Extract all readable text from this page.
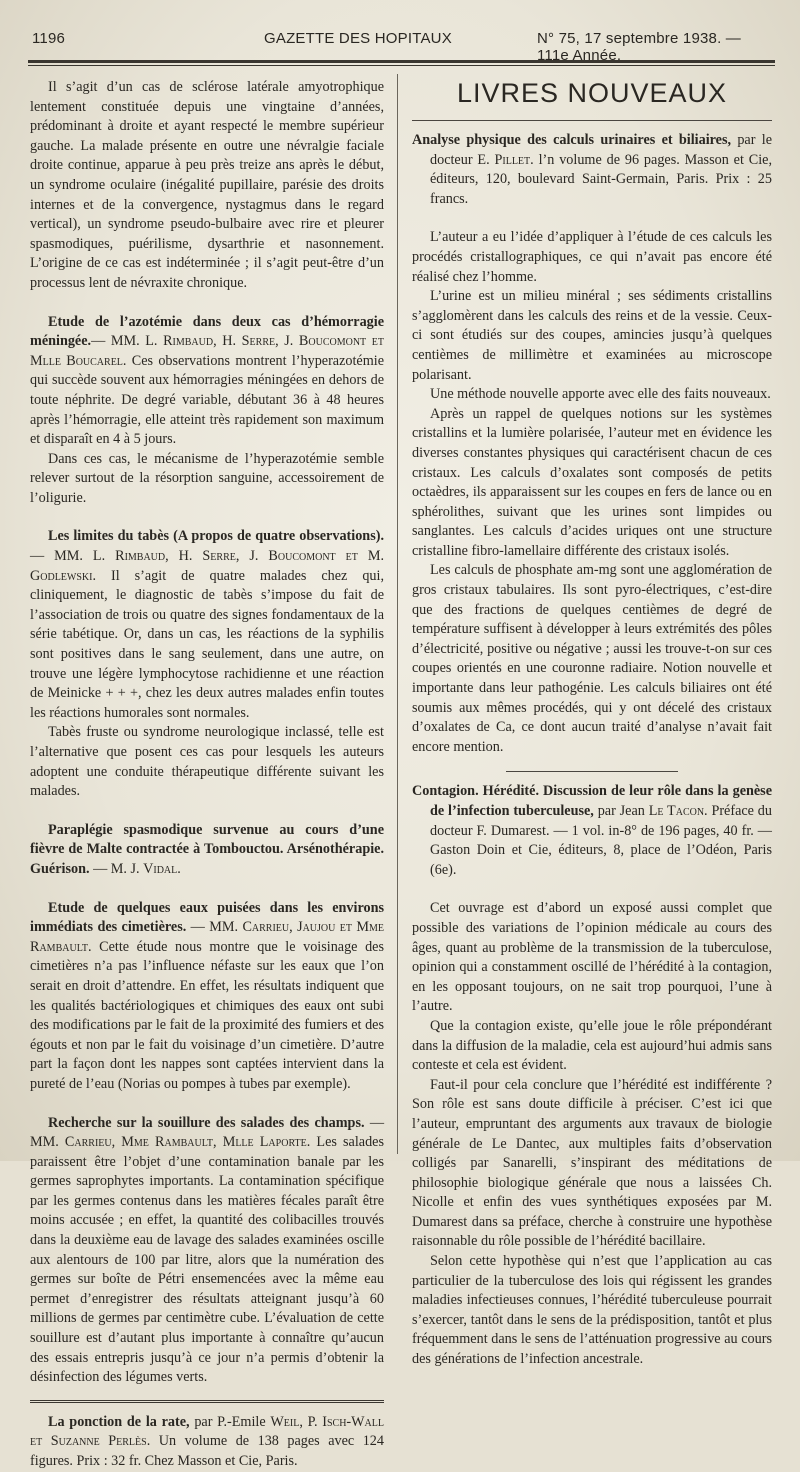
1196	GAZETTE DES HOPITAUX	N° 75, 17 septembre 1938. — 111e Année.

Il s’agit d’un cas de sclérose latérale amyotrophique lentement constituée depuis une vingtaine d’années, prédominant à droite et ayant respecté le membre supérieur gauche. La malade présente en outre une névralgie faciale droite continue, apparue à peu près treize ans après le début, un syndrome oculaire (inégalité pupillaire, parésie des droits internes et de la convergence, nystagmus dans le regard vertical), un syndrome pseudo-bulbaire avec rire et pleurer spasmodiques, puérilisme, dysarthrie et nasonnement. L’origine de ce cas est indéterminée ; il s’agit peut-être d’un processus lent de névraxite chronique.

Etude de l’azotémie dans deux cas d’hémorragie méningée.— MM. L. Rimbaud, H. Serre, J. Boucomont et Mlle Boucarel. Ces observations montrent l’hyperazotémie qui succède souvent aux hémorragies méningées en dehors de toute néphrite. De degré variable, débutant 36 à 48 heures après l’hémorragie, elle atteint très rapidement son maximum et disparaît en 4 à 5 jours.

Dans ces cas, le mécanisme de l’hyperazotémie semble relever surtout de la résorption sanguine, accessoirement de l’oligurie.

Les limites du tabès (A propos de quatre observations). — MM. L. Rimbaud, H. Serre, J. Boucomont et M. Godlewski. Il s’agit de quatre malades chez qui, cliniquement, le diagnostic de tabès s’impose du fait de l’association de trois ou quatre des signes fondamentaux de la série tabétique. Or, dans un cas, les réactions de la syphilis sont positives dans le sang seulement, dans une autre, on trouve une légère lymphocytose rachidienne et une réaction de Meinicke + + +, chez les deux autres malades enfin toutes les réactions humorales sont normales.

Tabès fruste ou syndrome neurologique inclassé, telle est l’alternative que posent ces cas pour lesquels les auteurs adoptent une conduite thérapeutique différente suivant les malades.

Paraplégie spasmodique survenue au cours d’une fièvre de Malte contractée à Tombouctou. Arsénothérapie. Guérison. — M. J. Vidal.

Etude de quelques eaux puisées dans les environs immédiats des cimetières. — MM. Carrieu, Jaujou et Mme Rambault. Cette étude nous montre que le voisinage des cimetières n’a pas l’influence néfaste sur les eaux que l’on serait en droit d’attendre. En effet, les résultats indiquent que les qualités bactériologiques et chimiques des eaux ont subi des modifications par le fait de la proximité des fumiers et des égouts et non par le fait du voisinage d’un cimetière. D’autre part la façon dont les nappes sont captées intervient dans la pureté de l’eau (Norias ou pompes à tubes par exemple).

Recherche sur la souillure des salades des champs. — MM. Carrieu, Mme Rambault, Mlle Laporte. Les salades paraissent être l’objet d’une contamination banale par les germes saprophytes importants. La contamination spécifique par les germes contenus dans les matières fécales paraît être moins accusée ; en effet, la quantité des colibacilles trouvés dans la deuxième eau de lavage des salades examinées oscille aux alentours de 100 par litre, alors que la numération des germes sur boîte de Pétri ensemencées avec la même eau permet d’enregistrer des résultats atteignant jusqu’à 60 millions de germes par centimètre cube. L’évaluation de cette souillure est d’autant plus importante à connaître qu’aucun des essais entrepris jusqu’à ce jour n’a permis d’obtenir la désinfection des légumes verts.

La ponction de la rate, par P.-Emile Weil, P. Isch-Wall et Suzanne Perlès. Un volume de 138 pages avec 124 figures. Prix : 32 fr. Chez Masson et Cie, Paris.

LIVRES NOUVEAUX

Analyse physique des calculs urinaires et biliaires, par le docteur E. Pillet. l’n volume de 96 pages. Masson et Cie, éditeurs, 120, boulevard Saint-Germain, Paris. Prix : 25 francs.

L’auteur a eu l’idée d’appliquer à l’étude de ces calculs les procédés cristallographiques, ce qui n’avait pas encore été réalisé chez l’homme.

L’urine est un milieu minéral ; ses sédiments cristallins s’agglomèrent dans les calculs des reins et de la vessie. Ceux-ci sont étudiés sur des coupes, amincies jusqu’à quelques centièmes de millimètre et examinées au microscope polarisant.

Une méthode nouvelle apporte avec elle des faits nouveaux.

Après un rappel de quelques notions sur les systèmes cristallins et la lumière polarisée, l’auteur met en évidence les diverses constantes physiques qui caractérisent chacun de ces cristaux. Les calculs d’oxalates sont composés de petits octaèdres, ils apparaissent sur les coupes en fers de lance ou en sphérolithes, suivant que les urines sont limpides ou sanglantes. Les calculs d’acides uriques ont une structure cristalline fibro-lamellaire différente des cristaux isolés.

Les calculs de phosphate am-mg sont une agglomération de gros cristaux tabulaires. Ils sont pyro-électriques, c’est-dire que des fractions de quelques centièmes de degré de température suffisent à développer à leurs extrémités des pôles d’électricité, positive ou négative ; aussi les trouve-t-on sur ces coupes orientés en une couronne radiaire. Notion nouvelle et importante dans leur pathogénie. Les calculs biliaires ont été soumis aux mêmes procédés, qui y ont décelé des cristaux d’oxalates de Ca, ce dont aucun traité d’analyse n’avait fait encore mention.

Contagion. Hérédité. Discussion de leur rôle dans la genèse de l’infection tuberculeuse, par Jean Le Tacon. Préface du docteur F. Dumarest. — 1 vol. in-8° de 196 pages, 40 fr. — Gaston Doin et Cie, éditeurs, 8, place de l’Odéon, Paris (6e).

Cet ouvrage est d’abord un exposé aussi complet que possible des variations de l’opinion médicale au cours des âges, quant au problème de la transmission de la tuberculose, opinion qui a constamment oscillé de l’hérédité à la contagion, en les opposant toujours, on ne sait trop pourquoi, l’une à l’autre.

Que la contagion existe, qu’elle joue le rôle prépondérant dans la diffusion de la maladie, cela est aujourd’hui admis sans conteste et cela est évident.

Faut-il pour cela conclure que l’hérédité est indifférente ? Son rôle est sans doute difficile à préciser. C’est ici que l’auteur, empruntant des arguments aux travaux de biologie générale de Le Dantec, aux multiples faits d’observation colligés par Sanarelli, s’inspirant des méditations de philosophie biologique générale que nous a laissées Ch. Nicolle et enfin des vues synthétiques exposées par M. Dumarest dans sa préface, cherche à construire une hypothèse raisonnable du rôle possible de l’hérédité bacillaire.

Selon cette hypothèse qui n’est que l’application au cas particulier de la tuberculose des lois qui régissent les grandes maladies infectieuses connues, l’hérédité tuberculeuse pourrait s’exercer, tantôt dans le sens de la prédisposition, tantôt et plus fréquemment dans le sens de l’atténuation progressive au cours des générations de l’infection ancestrale.
